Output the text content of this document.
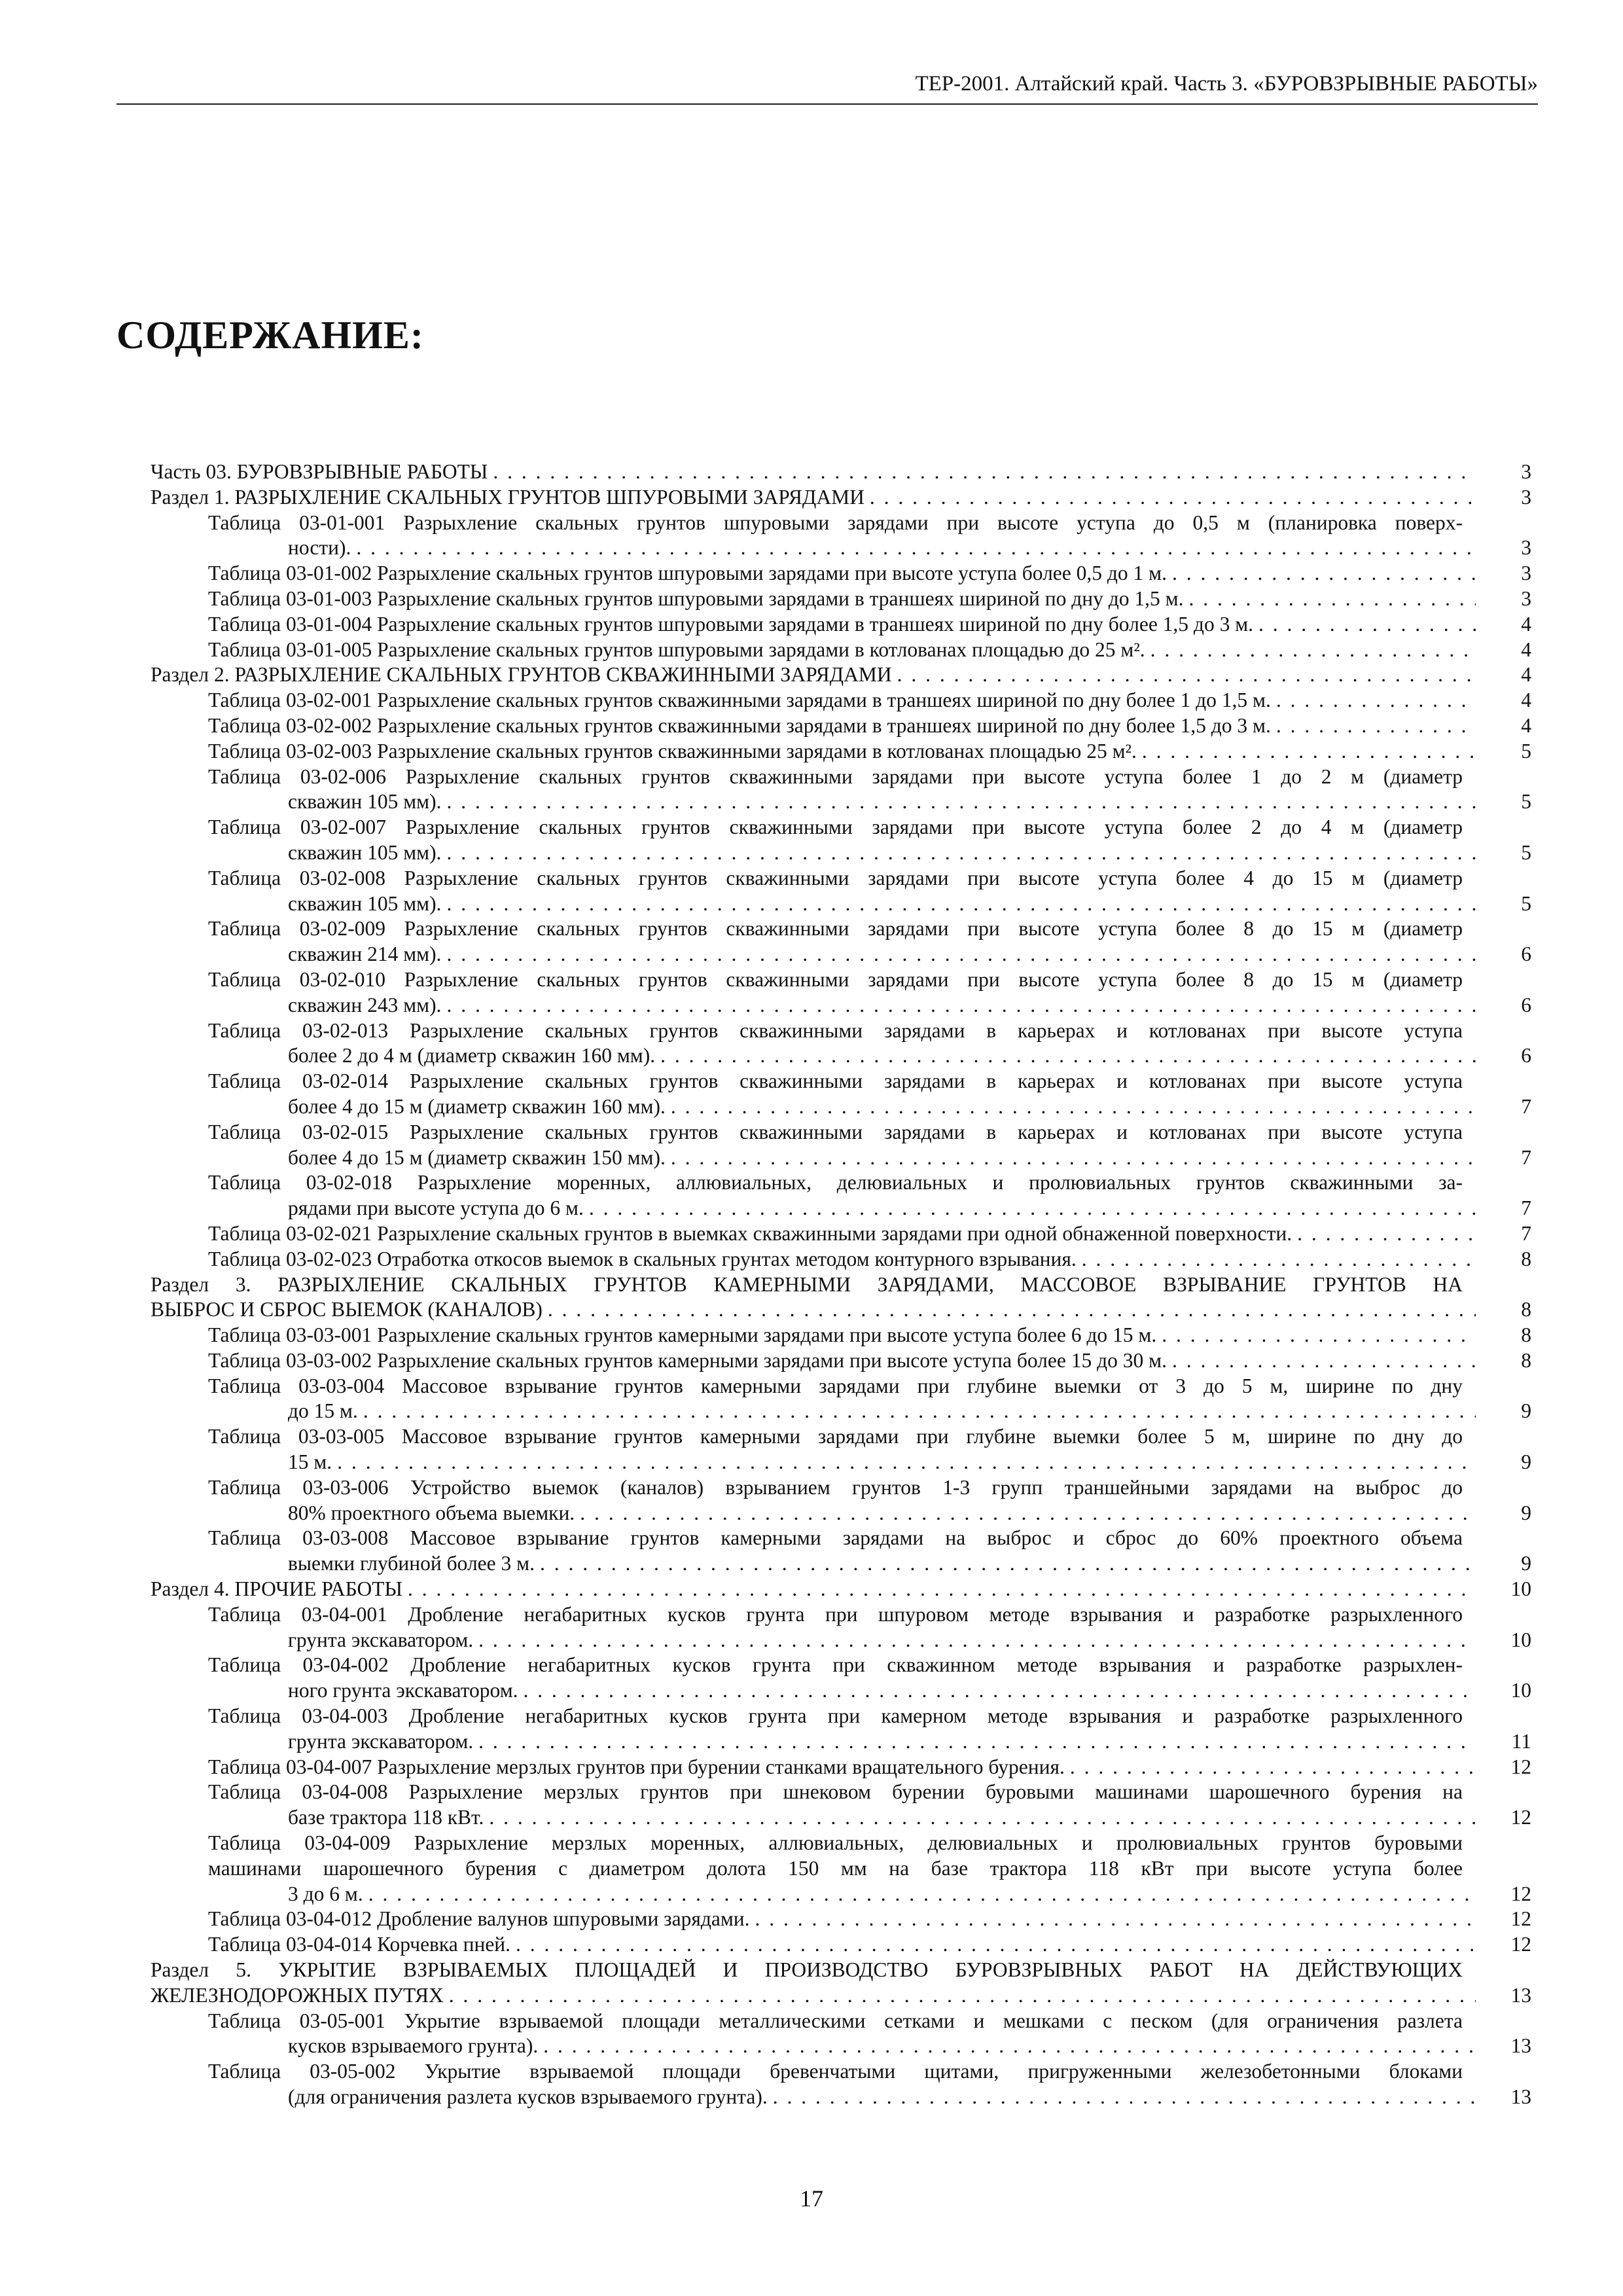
ТЕР-2001. Алтайский край. Часть 3. «БУРОВЗРЫВНЫЕ РАБОТЫ»
СОДЕРЖАНИЕ:
Часть 03. БУРОВЗРЫВНЫЕ РАБОТЫ . . .	3
Раздел 1. РАЗРЫХЛЕНИЕ СКАЛЬНЫХ ГРУНТОВ ШПУРОВЫМИ ЗАРЯДАМИ . . .	3
Таблица 03-01-001 Разрыхление скальных грунтов шпуровыми зарядами при высоте уступа до 0,5 м (планировка поверх-
ности). . . .	3
Таблица 03-01-002 Разрыхление скальных грунтов шпуровыми зарядами при высоте уступа более 0,5 до 1 м. . . .	3
Таблица 03-01-003 Разрыхление скальных грунтов шпуровыми зарядами в траншеях шириной по дну до 1,5 м. . . .	3
Таблица 03-01-004 Разрыхление скальных грунтов шпуровыми зарядами в траншеях шириной по дну более 1,5 до 3 м. . . .	4
Таблица 03-01-005 Разрыхление скальных грунтов шпуровыми зарядами в котлованах площадью до 25 м². . . .	4
Раздел 2. РАЗРЫХЛЕНИЕ СКАЛЬНЫХ ГРУНТОВ СКВАЖИННЫМИ ЗАРЯДАМИ . . .	4
Таблица 03-02-001 Разрыхление скальных грунтов скважинными зарядами в траншеях шириной по дну более 1 до 1,5 м. . . .	4
Таблица 03-02-002 Разрыхление скальных грунтов скважинными зарядами в траншеях шириной по дну более 1,5 до 3 м. . . .	4
Таблица 03-02-003 Разрыхление скальных грунтов скважинными зарядами в котлованах площадью 25 м². . . .	5
Таблица 03-02-006 Разрыхление скальных грунтов скважинными зарядами при высоте уступа более 1 до 2 м (диаметр
скважин 105 мм). . . .	5
Таблица 03-02-007 Разрыхление скальных грунтов скважинными зарядами при высоте уступа более 2 до 4 м (диаметр
скважин 105 мм). . . .	5
Таблица 03-02-008 Разрыхление скальных грунтов скважинными зарядами при высоте уступа более 4 до 15 м (диаметр
скважин 105 мм). . . .	5
Таблица 03-02-009 Разрыхление скальных грунтов скважинными зарядами при высоте уступа более 8 до 15 м (диаметр
скважин 214 мм). . . .	6
Таблица 03-02-010 Разрыхление скальных грунтов скважинными зарядами при высоте уступа более 8 до 15 м (диаметр
скважин 243 мм). . . .	6
Таблица 03-02-013 Разрыхление скальных грунтов скважинными зарядами в карьерах и котлованах при высоте уступа
более 2 до 4 м (диаметр скважин 160 мм). . . .	6
Таблица 03-02-014 Разрыхление скальных грунтов скважинными зарядами в карьерах и котлованах при высоте уступа
более 4 до 15 м (диаметр скважин 160 мм). . . .	7
Таблица 03-02-015 Разрыхление скальных грунтов скважинными зарядами в карьерах и котлованах при высоте уступа
более 4 до 15 м (диаметр скважин 150 мм). . . .	7
Таблица 03-02-018 Разрыхление моренных, аллювиальных, делювиальных и пролювиальных грунтов скважинными за-
рядами при высоте уступа до 6 м. . . .	7
Таблица 03-02-021 Разрыхление скальных грунтов в выемках скважинными зарядами при одной обнаженной поверхности. . . .	7
Таблица 03-02-023 Отработка откосов выемок в скальных грунтах методом контурного взрывания. . . .	8
Раздел 3. РАЗРЫХЛЕНИЕ СКАЛЬНЫХ ГРУНТОВ КАМЕРНЫМИ ЗАРЯДАМИ, МАССОВОЕ ВЗРЫВАНИЕ ГРУНТОВ НА
ВЫБРОС И СБРОС ВЫЕМОК (КАНАЛОВ) . . .	8
Таблица 03-03-001 Разрыхление скальных грунтов камерными зарядами при высоте уступа более 6 до 15 м. . . .	8
Таблица 03-03-002 Разрыхление скальных грунтов камерными зарядами при высоте уступа более 15 до 30 м. . . .	8
Таблица 03-03-004 Массовое взрывание грунтов камерными зарядами при глубине выемки от 3 до 5 м, ширине по дну
до 15 м. . . .	9
Таблица 03-03-005 Массовое взрывание грунтов камерными зарядами при глубине выемки более 5 м, ширине по дну до
15 м. . . .	9
Таблица 03-03-006 Устройство выемок (каналов) взрыванием грунтов 1-3 групп траншейными зарядами на выброс до
80% проектного объема выемки. . . .	9
Таблица 03-03-008 Массовое взрывание грунтов камерными зарядами на выброс и сброс до 60% проектного объема
выемки глубиной более 3 м. . . .	9
Раздел 4. ПРОЧИЕ РАБОТЫ . . .	10
Таблица 03-04-001 Дробление негабаритных кусков грунта при шпуровом методе взрывания и разработке разрыхленного
грунта экскаватором. . . .	10
Таблица 03-04-002 Дробление негабаритных кусков грунта при скважинном методе взрывания и разработке разрыхлен-
ного грунта экскаватором. . . .	10
Таблица 03-04-003 Дробление негабаритных кусков грунта при камерном методе взрывания и разработке разрыхленного
грунта экскаватором. . . .	11
Таблица 03-04-007 Разрыхление мерзлых грунтов при бурении станками вращательного бурения. . . .	12
Таблица 03-04-008 Разрыхление мерзлых грунтов при шнековом бурении буровыми машинами шарошечного бурения на
базе трактора 118 кВт. . . .	12
Таблица 03-04-009 Разрыхление мерзлых моренных, аллювиальных, делювиальных и пролювиальных грунтов буровыми
машинами шарошечного бурения с диаметром долота 150 мм на базе трактора 118 кВт при высоте уступа более
3 до 6 м. . . .	12
Таблица 03-04-012 Дробление валунов шпуровыми зарядами. . . .	12
Таблица 03-04-014 Корчевка пней. . . .	12
Раздел 5. УКРЫТИЕ ВЗРЫВАЕМЫХ ПЛОЩАДЕЙ И ПРОИЗВОДСТВО БУРОВЗРЫВНЫХ РАБОТ НА ДЕЙСТВУЮЩИХ
ЖЕЛЕЗНОДОРОЖНЫХ ПУТЯХ . . .	13
Таблица 03-05-001 Укрытие взрываемой площади металлическими сетками и мешками с песком (для ограничения разлета
кусков взрываемого грунта). . . .	13
Таблица 03-05-002 Укрытие взрываемой площади бревенчатыми щитами, пригруженными железобетонными блоками
(для ограничения разлета кусков взрываемого грунта). . . .	13
17
